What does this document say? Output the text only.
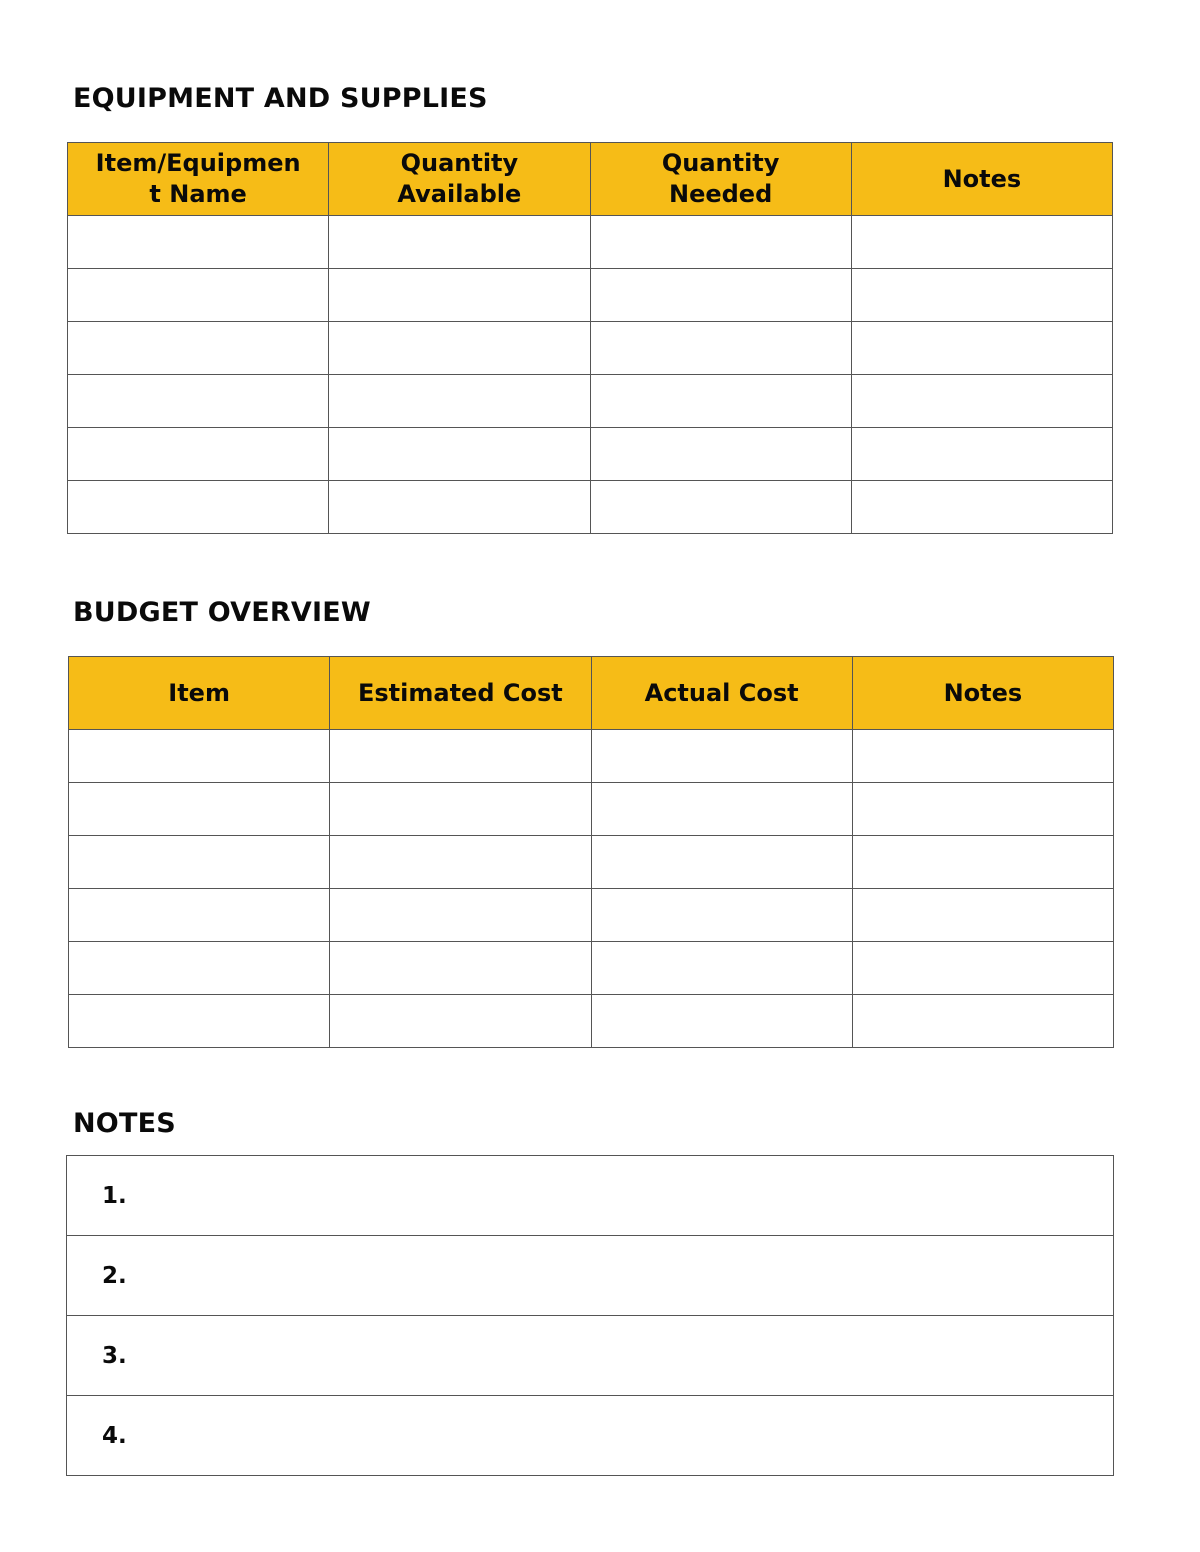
EQUIPMENT AND SUPPLIES
Item/Equipmen t Name	Quantity Available	Quantity Needed	Notes

BUDGET OVERVIEW
Item	Estimated Cost	Actual Cost	Notes

NOTES
1.
2.
3.
4.
